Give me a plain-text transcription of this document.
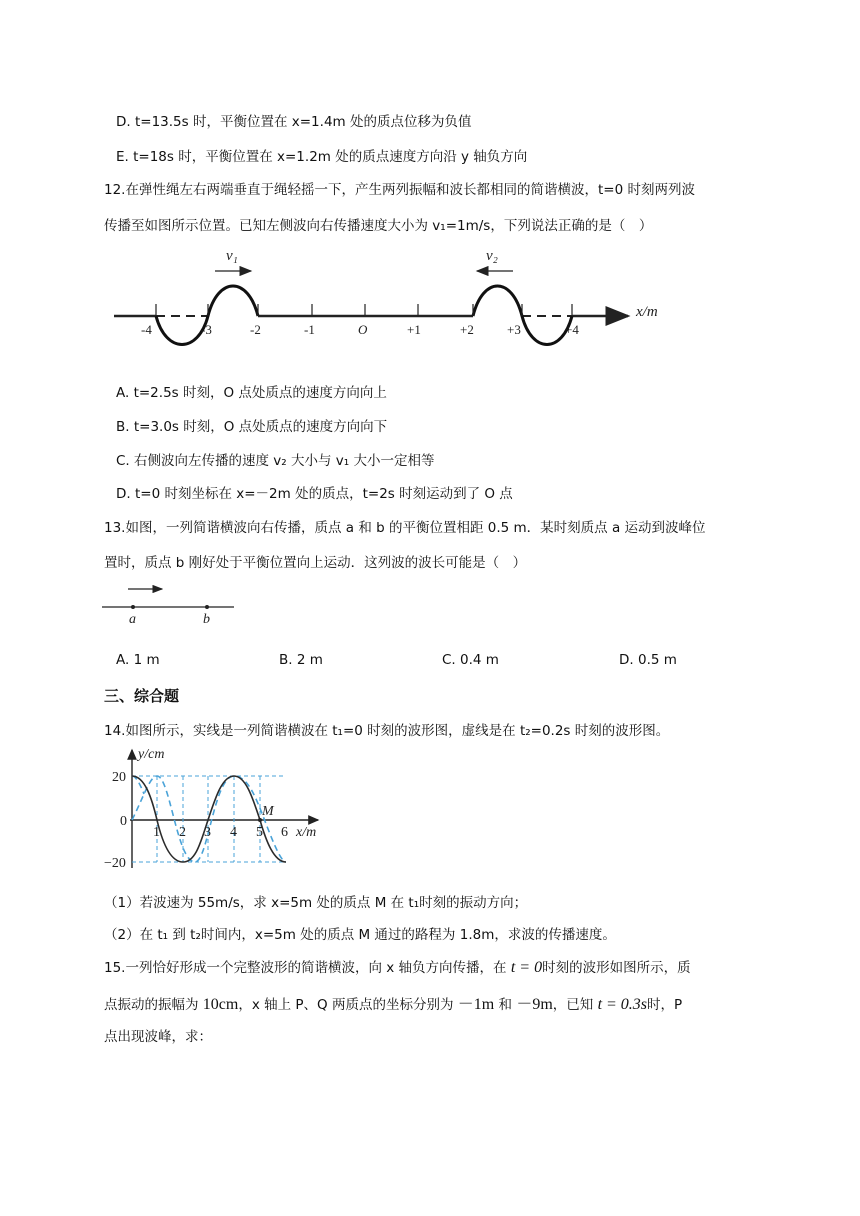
D. t=13.5s 时，平衡位置在 x=1.4m 处的质点位移为负值
E. t=18s 时，平衡位置在 x=1.2m 处的质点速度方向沿 y 轴负方向
12.在弹性绳左右两端垂直于绳轻摇一下，产生两列振幅和波长都相同的简谐横波，t=0 时刻两列波
传播至如图所示位置。已知左侧波向右传播速度大小为 v₁=1m/s，下列说法正确的是（　）
v₁	v₂
-4	-3	-2	-1	O	+1	+2	+3	+4
x/m
A. t=2.5s 时刻，O 点处质点的速度方向向上
B. t=3.0s 时刻，O 点处质点的速度方向向下
C. 右侧波向左传播的速度 v₂ 大小与 v₁ 大小一定相等
D. t=0 时刻坐标在 x=－2m 处的质点，t=2s 时刻运动到了 O 点
13.如图，一列简谐横波向右传播，质点 a 和 b 的平衡位置相距 0.5 m．某时刻质点 a 运动到波峰位
置时，质点 b 刚好处于平衡位置向上运动．这列波的波长可能是（　）
a	b
A. 1 m	B. 2 m	C. 0.4 m	D. 0.5 m
三、综合题
14.如图所示，实线是一列简谐横波在 t₁=0 时刻的波形图，虚线是在 t₂=0.2s 时刻的波形图。
y/cm
x/m
M
20
0
−20
1 2 3 4 5 6
（1）若波速为 55m/s，求 x=5m 处的质点 M 在 t₁时刻的振动方向；
（2）在 t₁ 到 t₂时间内，x=5m 处的质点 M 通过的路程为 1.8m，求波的传播速度。
15.一列恰好形成一个完整波形的简谐横波，向 x 轴负方向传播，在 t = 0时刻的波形如图所示，质
点振动的振幅为 10cm，x 轴上 P、Q 两质点的坐标分别为 －1m 和 －9m，已知 t = 0.3s时，P
点出现波峰，求：
